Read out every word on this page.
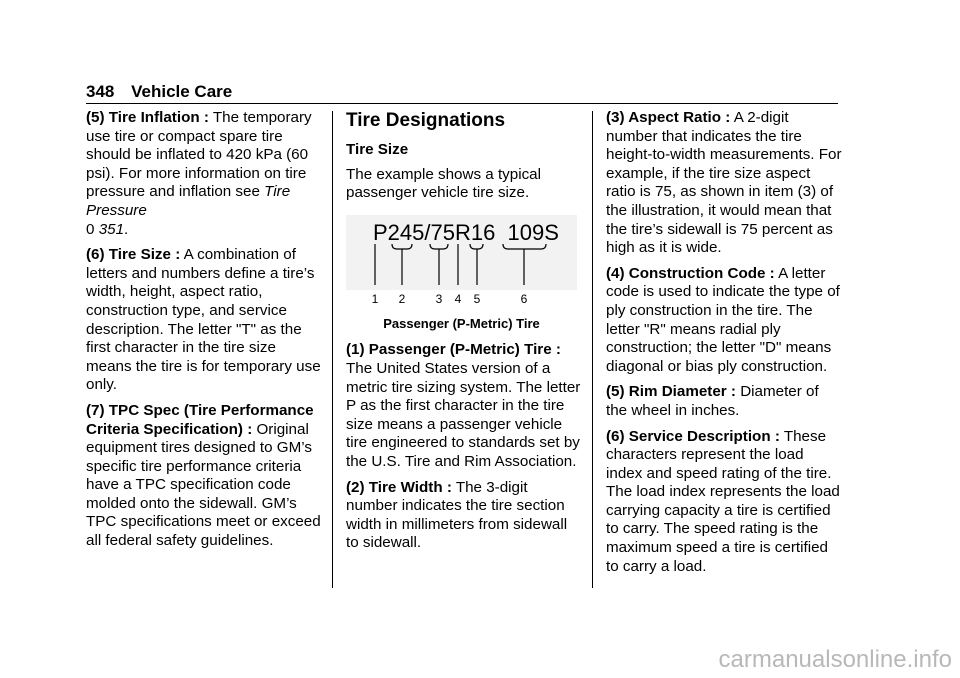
348 Vehicle Care

(5) Tire Inflation : The temporary use tire or compact spare tire should be inflated to 420 kPa (60 psi). For more information on tire pressure and inflation see Tire Pressure
0 351.

(6) Tire Size : A combination of letters and numbers define a tire’s width, height, aspect ratio, construction type, and service description. The letter "T" as the first character in the tire size means the tire is for temporary use only.

(7) TPC Spec (Tire Performance Criteria Specification) : Original equipment tires designed to GM’s specific tire performance criteria have a TPC specification code molded onto the sidewall. GM’s TPC specifications meet or exceed all federal safety guidelines.

Tire Designations
Tire Size

The example shows a typical passenger vehicle tire size.

P245/75R16  109S
1 2	3 4 5	6
Passenger (P-Metric) Tire

(1) Passenger (P-Metric) Tire : The United States version of a metric tire sizing system. The letter P as the first character in the tire size means a passenger vehicle tire engineered to standards set by the U.S. Tire and Rim Association.

(2) Tire Width : The 3-digit number indicates the tire section width in millimeters from sidewall to sidewall.

(3) Aspect Ratio : A 2-digit number that indicates the tire height-to-width measurements. For example, if the tire size aspect ratio is 75, as shown in item (3) of the illustration, it would mean that the tire’s sidewall is 75 percent as high as it is wide.

(4) Construction Code : A letter code is used to indicate the type of ply construction in the tire. The letter "R" means radial ply construction; the letter "D" means diagonal or bias ply construction.

(5) Rim Diameter : Diameter of the wheel in inches.

(6) Service Description : These characters represent the load index and speed rating of the tire. The load index represents the load carrying capacity a tire is certified to carry. The speed rating is the maximum speed a tire is certified to carry a load.

carmanualsonline.info
